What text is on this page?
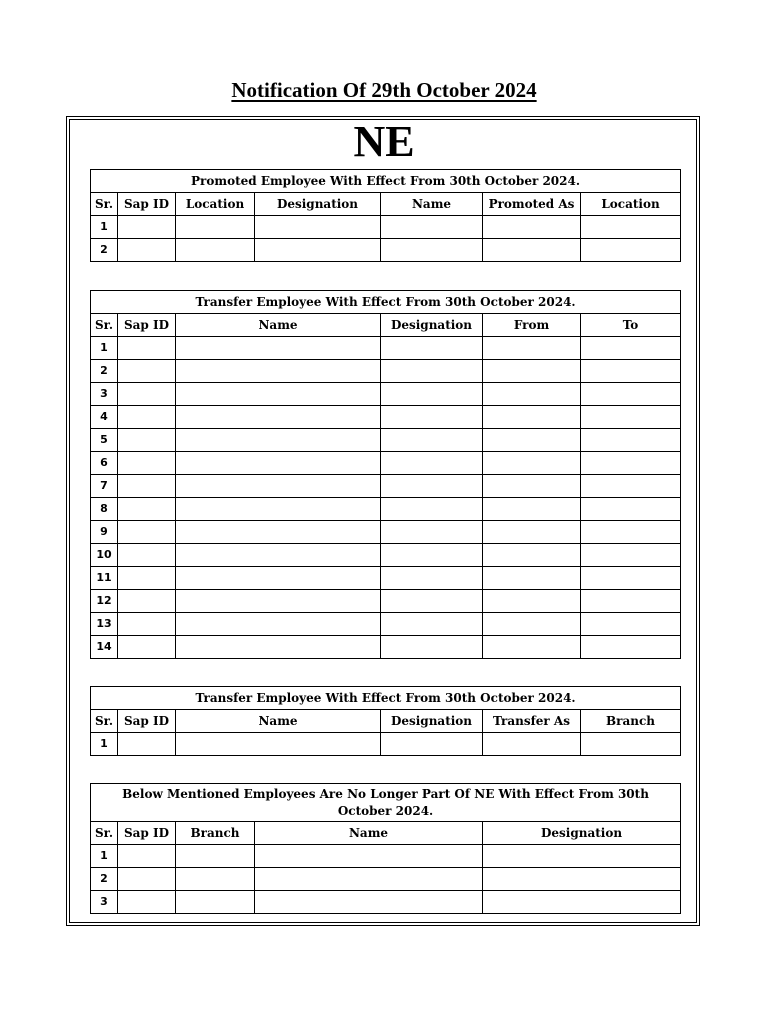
Notification Of 29th October 2024
NE
Promoted Employee With Effect From 30th October 2024.						
Sr.	Sap ID	Location	Designation	Name	Promoted As	Location
1						
2						
Transfer Employee With Effect From 30th October 2024.					
Sr.	Sap ID	Name	Designation	From	To
1					
2					
3					
4					
5					
6					
7					
8					
9					
10					
11					
12					
13					
14					
Transfer Employee With Effect From 30th October 2024.					
Sr.	Sap ID	Name	Designation	Transfer As	Branch
1					
Below Mentioned Employees Are No Longer Part Of NE With Effect From 30th October 2024.				
Sr.	Sap ID	Branch	Name	Designation
1				
2				
3				
